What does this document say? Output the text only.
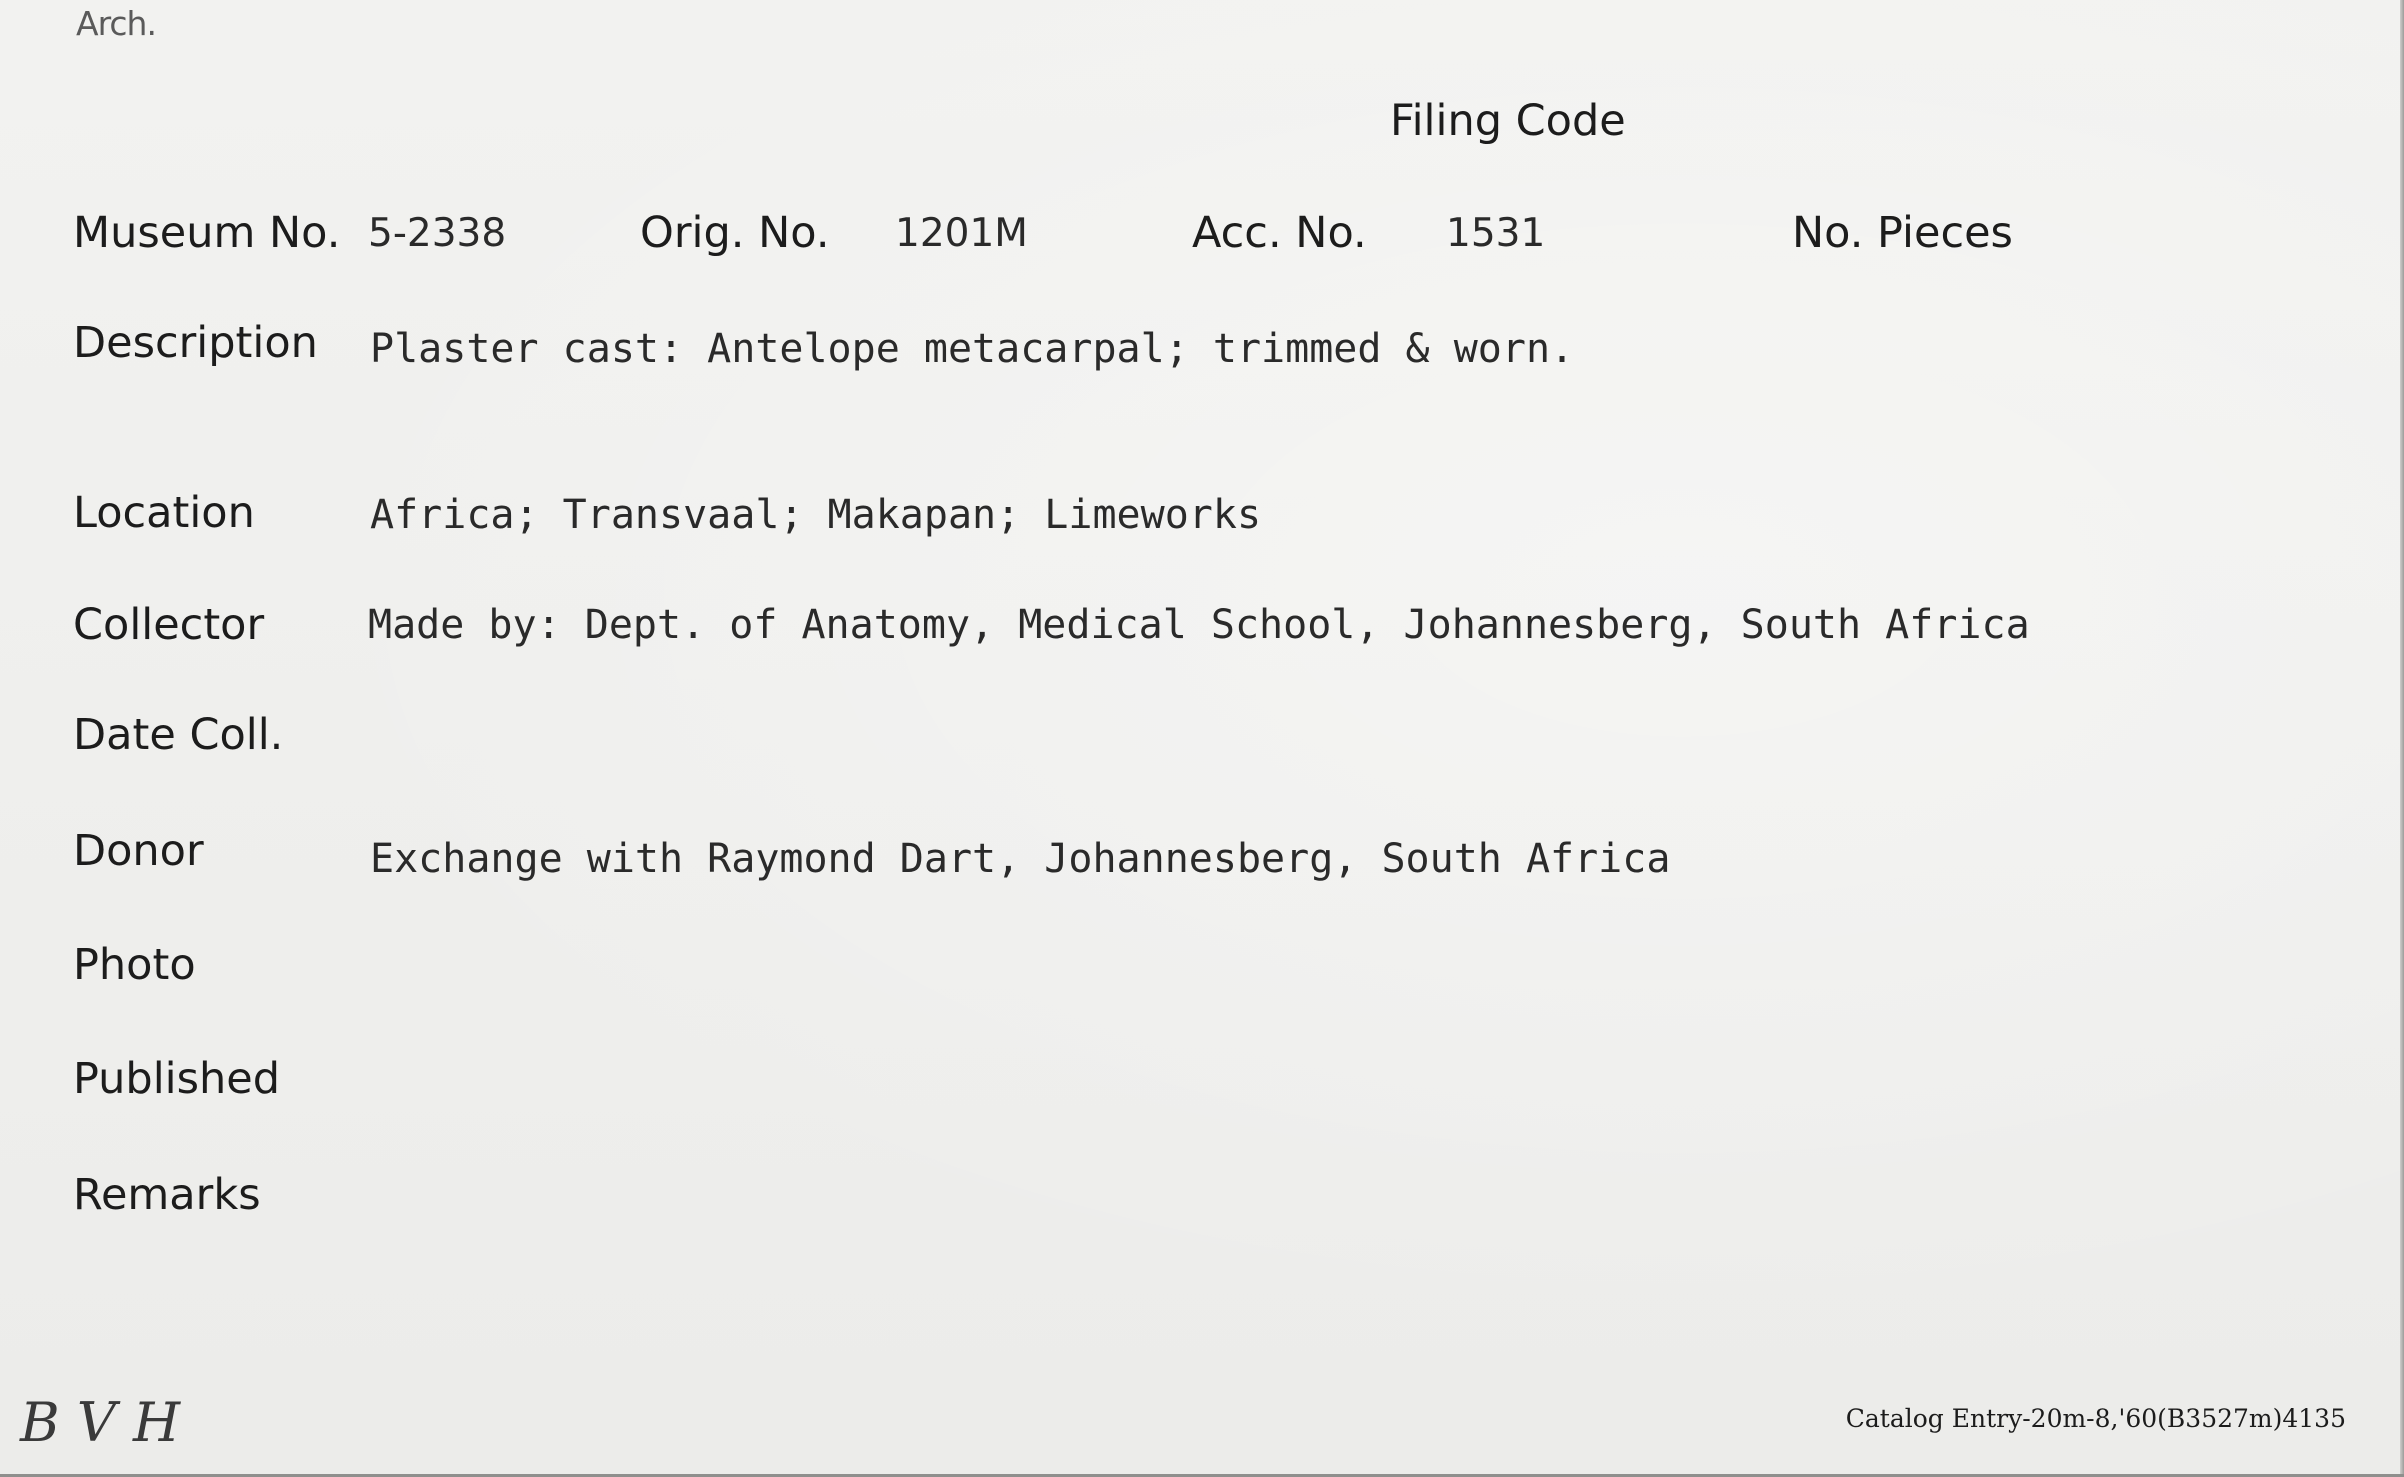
Arch.
Filing Code
Museum No. 5-2338	Orig. No. 1201M	Acc. No. 1531	No. Pieces
Description Plaster cast: Antelope metacarpal; trimmed & worn.
Location	Africa; Transvaal; Makapan; Limeworks
Collector	Made by: Dept. of Anatomy, Medical School, Johannesberg, South Africa
Date Coll.
Donor	Exchange with Raymond Dart, Johannesberg, South Africa
Photo
Published
Remarks
Catalog Entry-20m-8,'60(B3527m)4135
B V H
